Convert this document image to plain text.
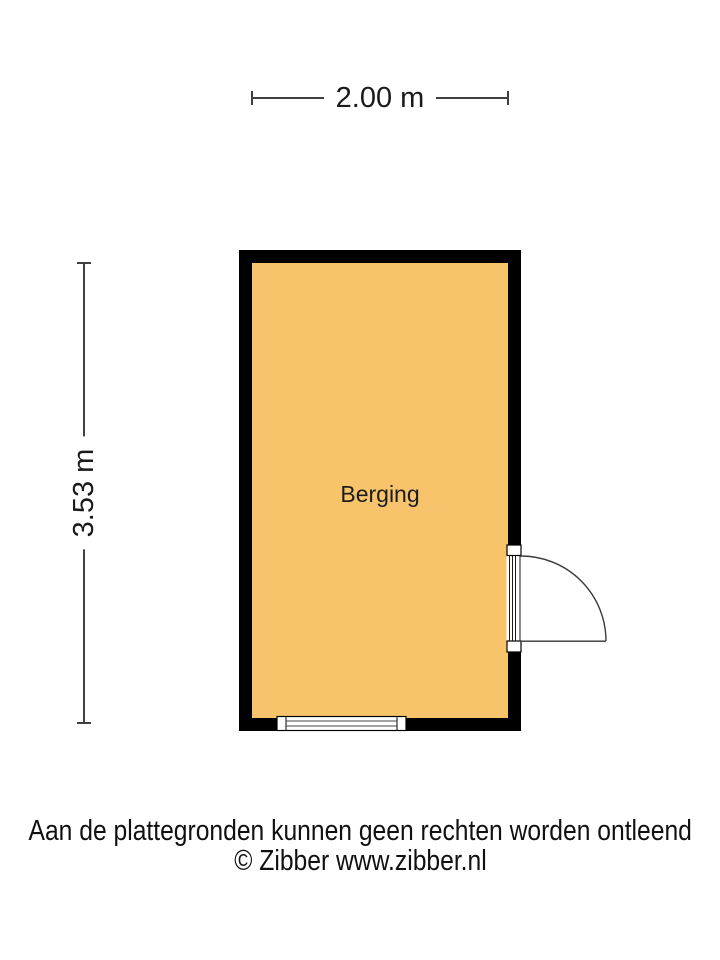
2.00 m
3.53 m	Berging
Aan de plattegronden kunnen geen rechten worden ontleend
© Zibber www.zibber.nl
